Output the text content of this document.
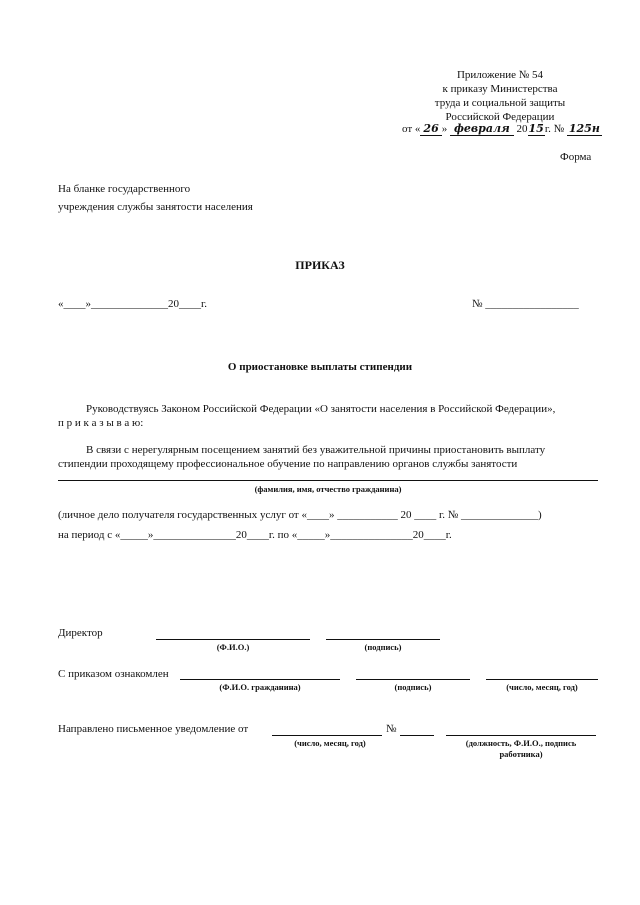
Приложение № 54
к приказу Министерства
труда и социальной защиты
Российской Федерации
от « 26 » февраля 2015г. № 125н
Форма
На бланке государственного
учреждения службы занятости населения
ПРИКАЗ
«____»______________20____г.	№ _________________
О приостановке выплаты стипендии
Руководствуясь Законом Российской Федерации «О занятости населения в Российской Федерации»,
п р и к а з ы в а ю:
В связи с нерегулярным посещением занятий без уважительной причины приостановить выплату
стипендии проходящему профессиональное обучение по направлению органов службы занятости
(фамилия, имя, отчество гражданина)
(личное дело получателя государственных услуг от «____» ___________ 20 ____ г. № ______________)
на период с «_____»_______________20____г. по «_____»_______________20____г.
Директор
(Ф.И.О.)	(подпись)
С приказом ознакомлен
(Ф.И.О. гражданина)	(подпись)	(число, месяц, год)
Направлено письменное уведомление от	№
(число, месяц, год)	(должность, Ф.И.О., подпись
работника)
